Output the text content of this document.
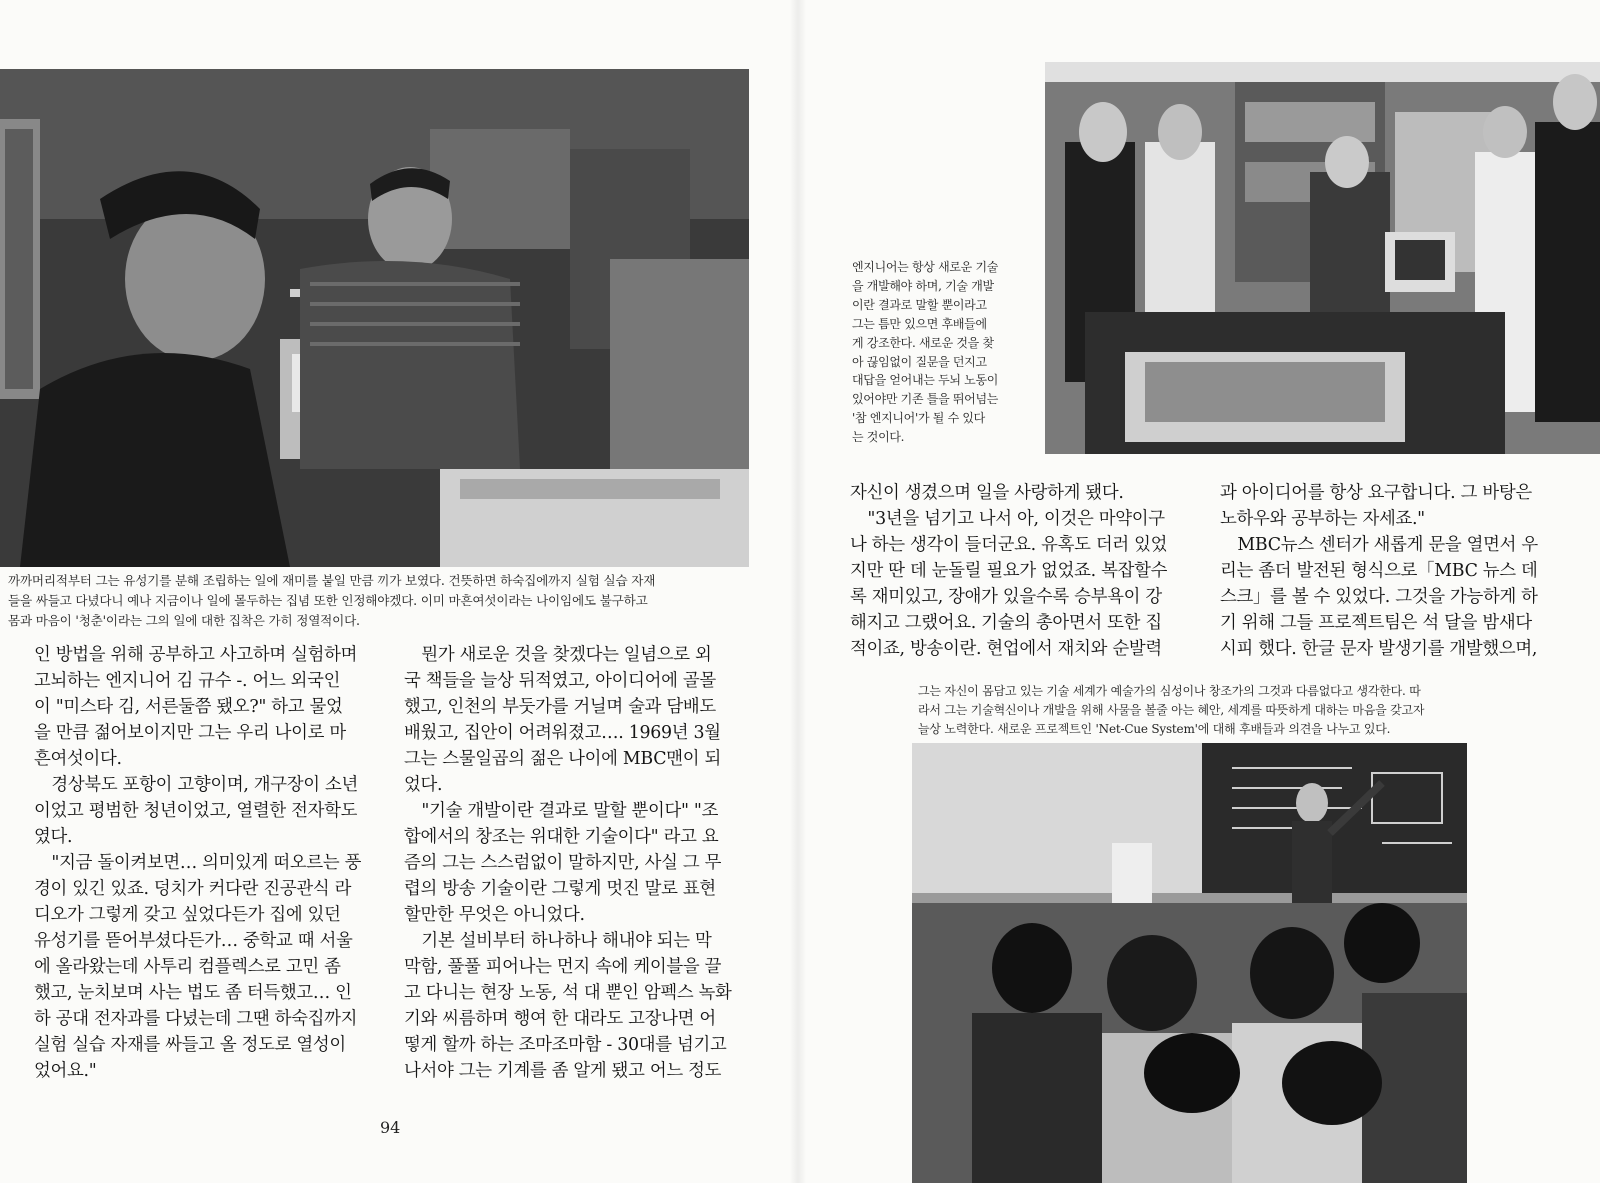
까까머리적부터 그는 유성기를 분해 조립하는 일에 재미를 붙일 만큼 끼가 보였다. 건뜻하면 하숙집에까지 실험 실습 자재

들을 싸들고 다녔다니 예나 지금이나 일에 몰두하는 집념 또한 인정해야겠다. 이미 마흔여섯이라는 나이임에도 불구하고

몸과 마음이 '청춘'이라는 그의 일에 대한 집착은 가히 정열적이다.

인 방법을 위해 공부하고 사고하며 실험하며

고뇌하는 엔지니어 김 규수 -. 어느 외국인

이 "미스타 김, 서른둘쯤 됐오?" 하고 물었

을 만큼 젊어보이지만 그는 우리 나이로 마

흔여섯이다.

경상북도 포항이 고향이며, 개구장이 소년

이었고 평범한 청년이었고, 열렬한 전자학도

였다.

"지금 돌이켜보면… 의미있게 떠오르는 풍

경이 있긴 있죠. 덩치가 커다란 진공관식 라

디오가 그렇게 갖고 싶었다든가 집에 있던

유성기를 뜯어부셨다든가… 중학교 때 서울

에 올라왔는데 사투리 컴플렉스로 고민 좀

했고, 눈치보며 사는 법도 좀 터득했고… 인

하 공대 전자과를 다녔는데 그땐 하숙집까지

실험 실습 자재를 싸들고 올 정도로 열성이

었어요."

뭔가 새로운 것을 찾겠다는 일념으로 외

국 책들을 늘상 뒤적였고, 아이디어에 골몰

했고, 인천의 부둣가를 거닐며 술과 담배도

배웠고, 집안이 어려워졌고…. 1969년 3월

그는 스물일곱의 젊은 나이에 MBC맨이 되

었다.

"기술 개발이란 결과로 말할 뿐이다" "조

합에서의 창조는 위대한 기술이다" 라고 요

즘의 그는 스스럼없이 말하지만, 사실 그 무

렵의 방송 기술이란 그렇게 멋진 말로 표현

할만한 무엇은 아니었다.

기본 설비부터 하나하나 해내야 되는 막

막함, 풀풀 피어나는 먼지 속에 케이블을 끌

고 다니는 현장 노동, 석 대 뿐인 암펙스 녹화

기와 씨름하며 행여 한 대라도 고장나면 어

떻게 할까 하는 조마조마함 - 30대를 넘기고

나서야 그는 기계를 좀 알게 됐고 어느 정도

94

엔지니어는 항상 새로운 기술

을 개발해야 하며, 기술 개발

이란 결과로 말할 뿐이라고

그는 틈만 있으면 후배들에

게 강조한다. 새로운 것을 찾

아 끊임없이 질문을 던지고

대답을 얻어내는 두뇌 노동이

있어야만 기존 틀을 뛰어넘는

'참 엔지니어'가 될 수 있다

는 것이다.

자신이 생겼으며 일을 사랑하게 됐다.

"3년을 넘기고 나서 아, 이것은 마약이구

나 하는 생각이 들더군요. 유혹도 더러 있었

지만 딴 데 눈돌릴 필요가 없었죠. 복잡할수

록 재미있고, 장애가 있을수록 승부욕이 강

해지고 그랬어요. 기술의 총아면서 또한 집

적이죠, 방송이란. 현업에서 재치와 순발력

과 아이디어를 항상 요구합니다. 그 바탕은

노하우와 공부하는 자세죠."

MBC뉴스 센터가 새롭게 문을 열면서 우

리는 좀더 발전된 형식으로「MBC 뉴스 데

스크」를 볼 수 있었다. 그것을 가능하게 하

기 위해 그들 프로젝트팀은 석 달을 밤새다

시피 했다. 한글 문자 발생기를 개발했으며,

그는 자신이 몸담고 있는 기술 세계가 예술가의 심성이나 창조가의 그것과 다름없다고 생각한다. 따

라서 그는 기술혁신이나 개발을 위해 사물을 볼줄 아는 혜안, 세계를 따뜻하게 대하는 마음을 갖고자

늘상 노력한다. 새로운 프로젝트인 'Net-Cue System'에 대해 후배들과 의견을 나누고 있다.
